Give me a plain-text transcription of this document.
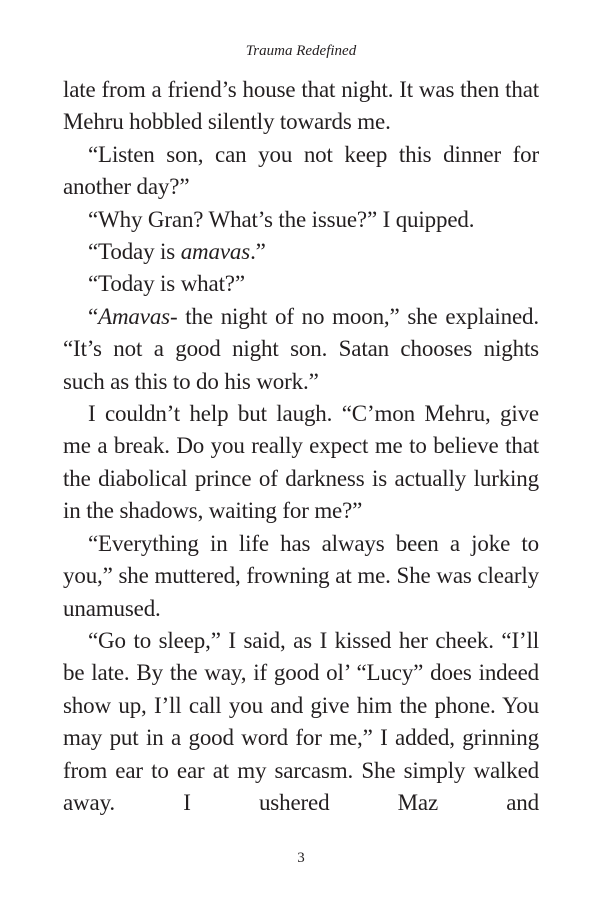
Trauma Redefined

late from a friend’s house that night. It was then that Mehru hobbled silently towards me.

“Listen son, can you not keep this dinner for another day?”

“Why Gran? What’s the issue?” I quipped.

“Today is amavas.”

“Today is what?”

“Amavas- the night of no moon,” she explained. “It’s not a good night son. Satan chooses nights such as this to do his work.”

I couldn’t help but laugh. “C’mon Mehru, give me a break. Do you really expect me to believe that the diabolical prince of darkness is actually lurking in the shadows, waiting for me?”

“Everything in life has always been a joke to you,” she muttered, frowning at me. She was clearly unamused.

“Go to sleep,” I said, as I kissed her cheek. “I’ll be late. By the way, if good ol’ “Lucy” does indeed show up, I’ll call you and give him the phone. You may put in a good word for me,” I added, grinning from ear to ear at my sarcasm. She simply walked away. I ushered Maz and

3
